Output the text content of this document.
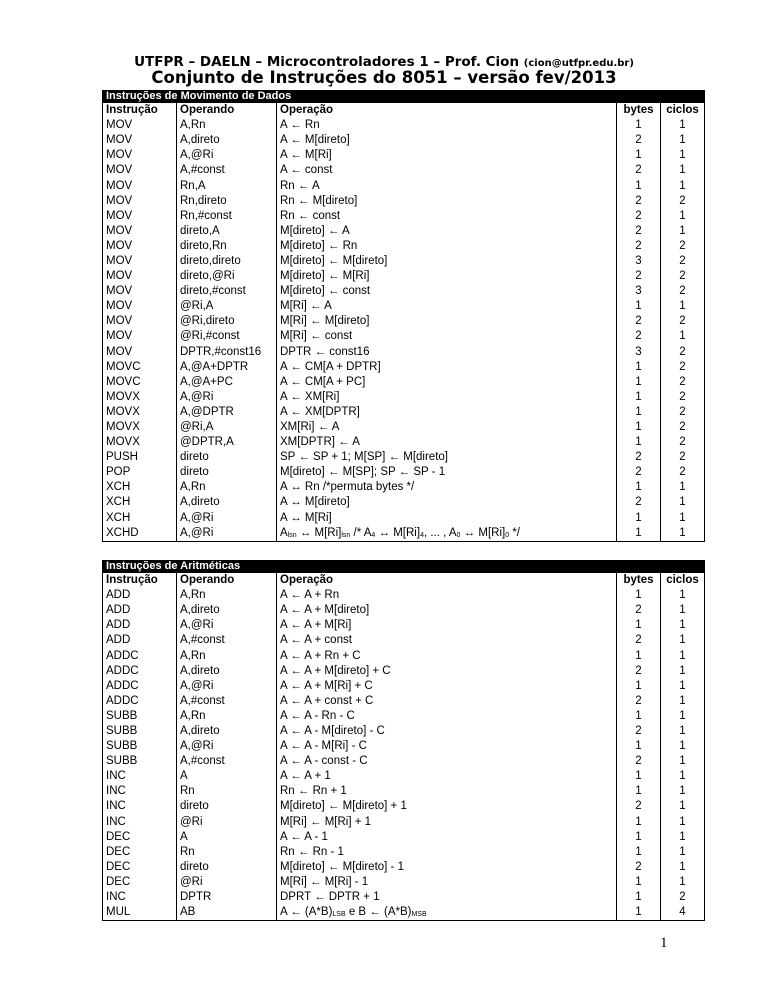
UTFPR – DAELN – Microcontroladores 1 – Prof. Cion (cion@utfpr.edu.br)
Conjunto de Instruções do 8051 – versão fev/2013
Instruções de Movimento de Dados				
Instrução	Operando	Operação	bytes	ciclos
MOV	A,Rn	A ← Rn	1	1
MOV	A,direto	A ← M[direto]	2	1
MOV	A,@Ri	A ← M[Ri]	1	1
MOV	A,#const	A ← const	2	1
MOV	Rn,A	Rn ← A	1	1
MOV	Rn,direto	Rn ← M[direto]	2	2
MOV	Rn,#const	Rn ← const	2	1
MOV	direto,A	M[direto] ← A	2	1
MOV	direto,Rn	M[direto] ← Rn	2	2
MOV	direto,direto	M[direto] ← M[direto]	3	2
MOV	direto,@Ri	M[direto] ← M[Ri]	2	2
MOV	direto,#const	M[direto] ← const	3	2
MOV	@Ri,A	M[Ri] ← A	1	1
MOV	@Ri,direto	M[Ri] ← M[direto]	2	2
MOV	@Ri,#const	M[Ri] ← const	2	1
MOV	DPTR,#const16	DPTR ← const16	3	2
MOVC	A,@A+DPTR	A ← CM[A + DPTR]	1	2
MOVC	A,@A+PC	A ← CM[A + PC]	1	2
MOVX	A,@Ri	A ← XM[Ri]	1	2
MOVX	A,@DPTR	A ← XM[DPTR]	1	2
MOVX	@Ri,A	XM[Ri] ← A	1	2
MOVX	@DPTR,A	XM[DPTR] ← A	1	2
PUSH	direto	SP ← SP + 1; M[SP] ← M[direto]	2	2
POP	direto	M[direto] ← M[SP]; SP ← SP - 1	2	2
XCH	A,Rn	A ↔ Rn /*permuta bytes */	1	1
XCH	A,direto	A ↔ M[direto]	2	1
XCH	A,@Ri	A ↔ M[Ri]	1	1
XCHD	A,@Ri	$A_{lsn}$ ↔ $M[Ri]_{lsn} /* A_4$ ↔ $M[Ri]_4$, ... , $A_0$ ↔ $M[Ri]_0$ */	1	1
Instruções de Aritméticas				
Instrução	Operando	Operação	bytes	ciclos
ADD	A,Rn	A ← A + Rn	1	1
ADD	A,direto	A ← A + M[direto]	2	1
ADD	A,@Ri	A ← A + M[Ri]	1	1
ADD	A,#const	A ← A + const	2	1
ADDC	A,Rn	A ← A + Rn + C	1	1
ADDC	A,direto	A ← A + M[direto] + C	2	1
ADDC	A,@Ri	A ← A + M[Ri] + C	1	1
ADDC	A,#const	A ← A + const + C	2	1
SUBB	A,Rn	A ← A - Rn - C	1	1
SUBB	A,direto	A ← A - M[direto] - C	2	1
SUBB	A,@Ri	A ← A - M[Ri] - C	1	1
SUBB	A,#const	A ← A - const - C	2	1
INC	A	A ← A + 1	1	1
INC	Rn	Rn ← Rn + 1	1	1
INC	direto	M[direto] ← M[direto] + 1	2	1
INC	@Ri	M[Ri] ← M[Ri] + 1	1	1
DEC	A	A ← A - 1	1	1
DEC	Rn	Rn ← Rn - 1	1	1
DEC	direto	M[direto] ← M[direto] - 1	2	1
DEC	@Ri	M[Ri] ← M[Ri] - 1	1	1
INC	DPTR	DPRT ← DPTR + 1	1	2
MUL	AB	A ← $(A*B)_{LSB}$ e B ← $(A*B)_{MSB}$	1	4
1
